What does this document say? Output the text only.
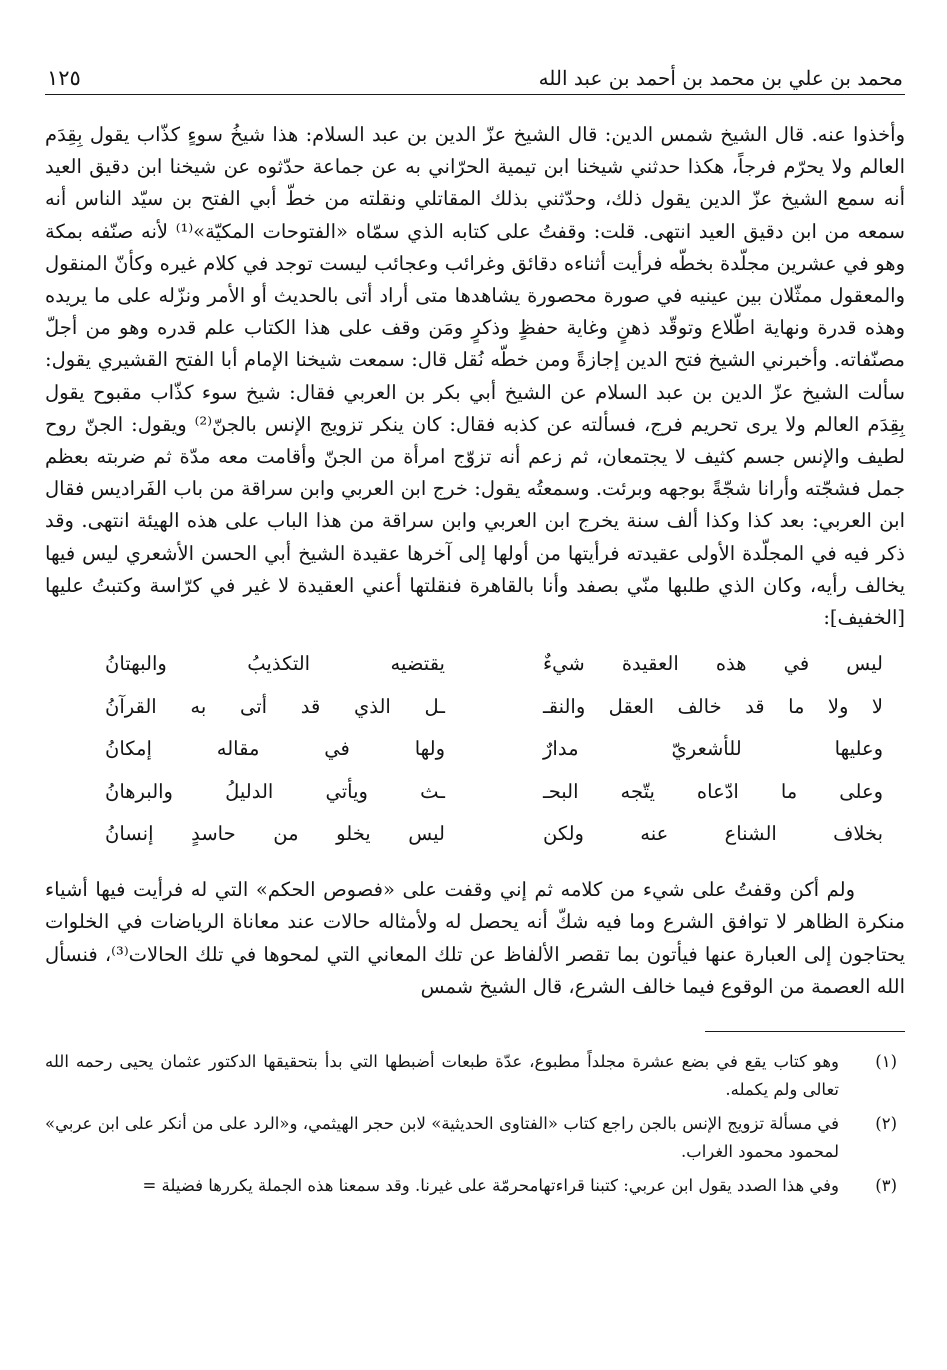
محمد بن علي بن محمد بن أحمد بن عبد الله
١٢٥

وأخذوا عنه. قال الشيخ شمس الدين: قال الشيخ عزّ الدين بن عبد السلام: هذا شيخُ سوءٍ كذّاب يقول بِقِدَم العالم ولا يحرّم فرجاً، هكذا حدثني شيخنا ابن تيمية الحرّاني به عن جماعة حدّثوه عن شيخنا ابن دقيق العيد أنه سمع الشيخ عزّ الدين يقول ذلك، وحدّثني بذلك المقاتلي ونقلته من خطّ أبي الفتح بن سيّد الناس أنه سمعه من ابن دقيق العيد انتهى. قلت: وقفتُ على كتابه الذي سمّاه «الفتوحات المكيّة»⁽¹⁾ لأنه صنّفه بمكة وهو في عشرين مجلّدة بخطّه فرأيت أثناءه دقائق وغرائب وعجائب ليست توجد في كلام غيره وكأنّ المنقول والمعقول ممثّلان بين عينيه في صورة محصورة يشاهدها متى أراد أتى بالحديث أو الأمر ونزّله على ما يريده وهذه قدرة ونهاية اطّلاع وتوقّد ذهنٍ وغاية حفظٍ وذكرٍ ومَن وقف على هذا الكتاب علم قدره وهو من أجلّ مصنّفاته. وأخبرني الشيخ فتح الدين إجازةً ومن خطّه نُقل قال: سمعت شيخنا الإمام أبا الفتح القشيري يقول: سألت الشيخ عزّ الدين بن عبد السلام عن الشيخ أبي بكر بن العربي فقال: شيخ سوء كذّاب مقبوح يقول بِقِدَم العالم ولا يرى تحريم فرج، فسألته عن كذبه فقال: كان ينكر تزويج الإنس بالجنّ⁽²⁾ ويقول: الجنّ روح لطيف والإنس جسم كثيف لا يجتمعان، ثم زعم أنه تزوّج امرأة من الجنّ وأقامت معه مدّة ثم ضربته بعظم جمل فشجّته وأرانا شجّةً بوجهه وبرئت. وسمعتُه يقول: خرج ابن العربي وابن سراقة من باب الفَراديس فقال ابن العربي: بعد كذا وكذا ألف سنة يخرج ابن العربي وابن سراقة من هذا الباب على هذه الهيئة انتهى. وقد ذكر فيه في المجلّدة الأولى عقيدته فرأيتها من أولها إلى آخرها عقيدة الشيخ أبي الحسن الأشعري ليس فيها يخالف رأيه، وكان الذي طلبها منّي بصفد وأنا بالقاهرة فنقلتها أعني العقيدة لا غير في كرّاسة وكتبتُ عليها [الخفيف]:

ليس في هذه العقيدة شيءٌ
يقتضيه التكذيبُ والبهتانُ
لا ولا ما قد خالف العقل والنقـ
ـل الذي قد أتى به القرآنُ
وعليها للأشعريّ مدارٌ
ولها في مقاله إمكانُ
وعلى ما ادّعاه يتّجه البحـ
ـث ويأتي الدليلُ والبرهانُ
بخلاف الشناع عنه ولكن
ليس يخلو من حاسدٍ إنسانُ

ولم أكن وقفتُ على شيء من كلامه ثم إني وقفت على «فصوص الحكم» التي له فرأيت فيها أشياء منكرة الظاهر لا توافق الشرع وما فيه شكّ أنه يحصل له ولأمثاله حالات عند معاناة الرياضات في الخلوات يحتاجون إلى العبارة عنها فيأتون بما تقصر الألفاظ عن تلك المعاني التي لمحوها في تلك الحالات⁽³⁾، فنسأل الله العصمة من الوقوع فيما خالف الشرع، قال الشيخ شمس

(١)
وهو كتاب يقع في بضع عشرة مجلداً مطبوع، عدّة طبعات أضبطها التي بدأ بتحقيقها الدكتور عثمان يحيى رحمه الله تعالى ولم يكمله.
(٢)
في مسألة تزويج الإنس بالجن راجع كتاب «الفتاوى الحديثية» لابن حجر الهيثمي، و«الرد على من أنكر على ابن عربي» لمحمود محمود الغراب.
(٣)
وفي هذا الصدد يقول ابن عربي: كتبنا قراءتهامحرمّة على غيرنا. وقد سمعنا هذه الجملة يكررها فضيلة =
